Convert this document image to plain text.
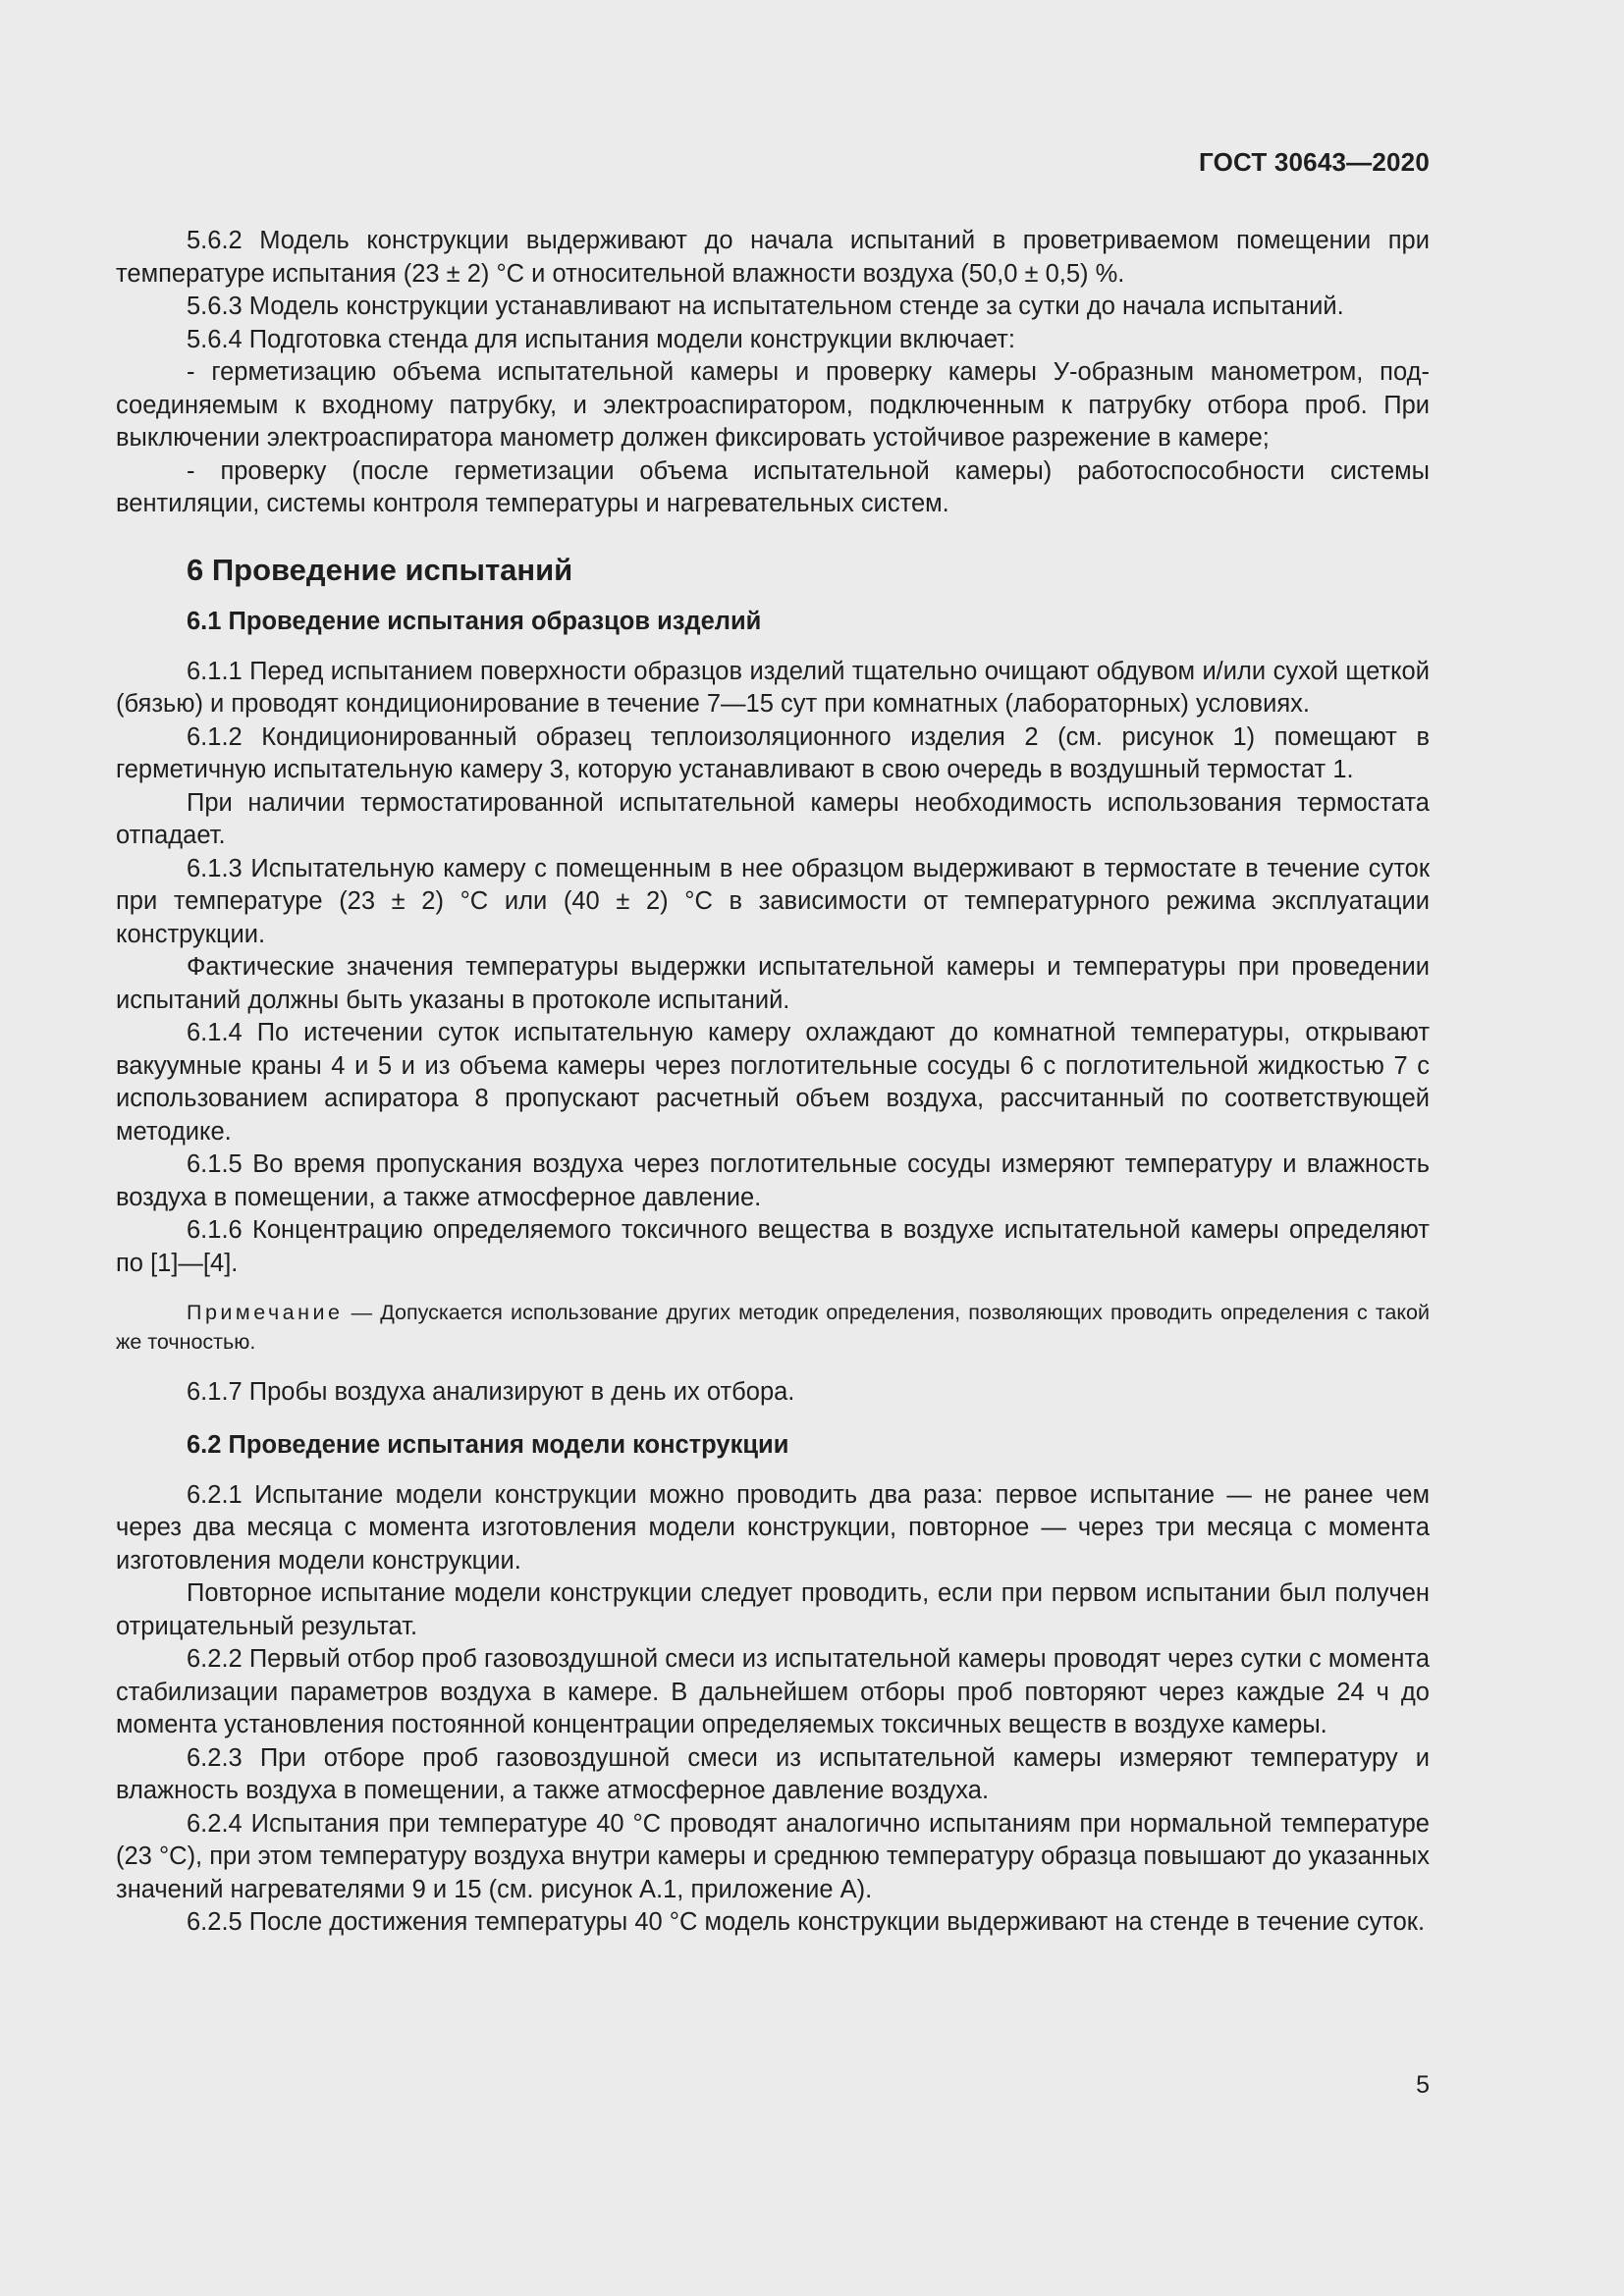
ГОСТ 30643—2020

5.6.2 Модель конструкции выдерживают до начала испытаний в проветриваемом помещении при температуре испытания (23 ± 2) °С и относительной влажности воздуха (50,0 ± 0,5) %.

5.6.3 Модель конструкции устанавливают на испытательном стенде за сутки до начала испытаний.

5.6.4 Подготовка стенда для испытания модели конструкции включает:

- герметизацию объема испытательной камеры и проверку камеры У-образным манометром, подсоединяемым к входному патрубку, и электроаспиратором, подключенным к патрубку отбора проб. При выключении электроаспиратора манометр должен фиксировать устойчивое разрежение в камере;

- проверку (после герметизации объема испытательной камеры) работоспособности системы вентиляции, системы контроля температуры и нагревательных систем.

6 Проведение испытаний
6.1 Проведение испытания образцов изделий

6.1.1 Перед испытанием поверхности образцов изделий тщательно очищают обдувом и/или сухой щеткой (бязью) и проводят кондиционирование в течение 7—15 сут при комнатных (лабораторных) условиях.

6.1.2 Кондиционированный образец теплоизоляционного изделия 2 (см. рисунок 1) помещают в герметичную испытательную камеру 3, которую устанавливают в свою очередь в воздушный термостат 1.

При наличии термостатированной испытательной камеры необходимость использования термостата отпадает.

6.1.3 Испытательную камеру с помещенным в нее образцом выдерживают в термостате в течение суток при температуре (23 ± 2) °С или (40 ± 2) °С в зависимости от температурного режима эксплуатации конструкции.

Фактические значения температуры выдержки испытательной камеры и температуры при проведении испытаний должны быть указаны в протоколе испытаний.

6.1.4 По истечении суток испытательную камеру охлаждают до комнатной температуры, открывают вакуумные краны 4 и 5 и из объема камеры через поглотительные сосуды 6 с поглотительной жидкостью 7 с использованием аспиратора 8 пропускают расчетный объем воздуха, рассчитанный по соответствующей методике.

6.1.5 Во время пропускания воздуха через поглотительные сосуды измеряют температуру и влажность воздуха в помещении, а также атмосферное давление.

6.1.6 Концентрацию определяемого токсичного вещества в воздухе испытательной камеры определяют по [1]—[4].

Примечание — Допускается использование других методик определения, позволяющих проводить определения с такой же точностью.

6.1.7 Пробы воздуха анализируют в день их отбора.

6.2 Проведение испытания модели конструкции

6.2.1 Испытание модели конструкции можно проводить два раза: первое испытание — не ранее чем через два месяца с момента изготовления модели конструкции, повторное — через три месяца с момента изготовления модели конструкции.

Повторное испытание модели конструкции следует проводить, если при первом испытании был получен отрицательный результат.

6.2.2 Первый отбор проб газовоздушной смеси из испытательной камеры проводят через сутки с момента стабилизации параметров воздуха в камере. В дальнейшем отборы проб повторяют через каждые 24 ч до момента установления постоянной концентрации определяемых токсичных веществ в воздухе камеры.

6.2.3 При отборе проб газовоздушной смеси из испытательной камеры измеряют температуру и влажность воздуха в помещении, а также атмосферное давление воздуха.

6.2.4 Испытания при температуре 40 °С проводят аналогично испытаниям при нормальной температуре (23 °С), при этом температуру воздуха внутри камеры и среднюю температуру образца повышают до указанных значений нагревателями 9 и 15 (см. рисунок А.1, приложение А).

6.2.5 После достижения температуры 40 °С модель конструкции выдерживают на стенде в течение суток.

5
